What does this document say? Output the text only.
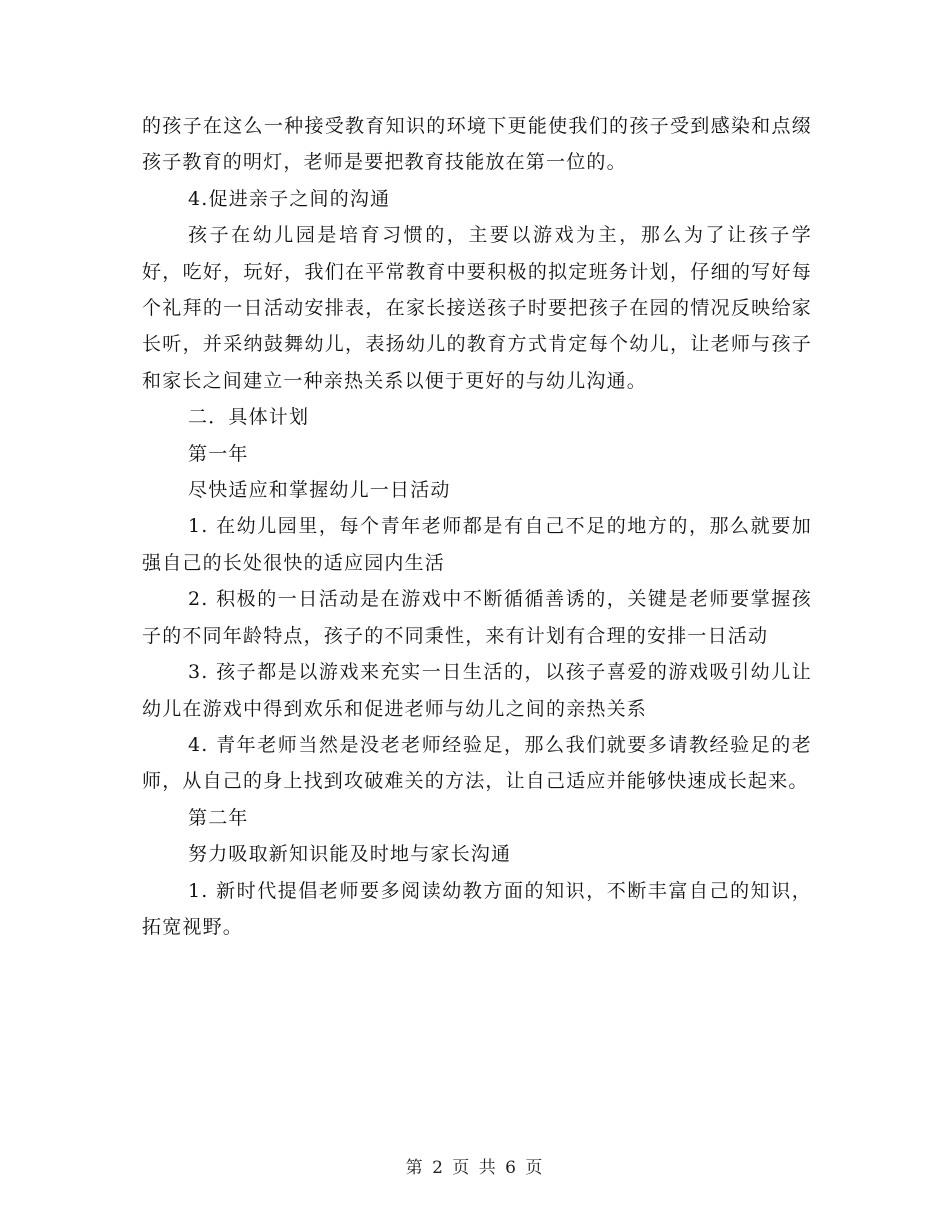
的孩子在这么一种接受教育知识的环境下更能使我们的孩子受到感染和点缀孩子教育的明灯，老师是要把教育技能放在第一位的。

4.促进亲子之间的沟通

孩子在幼儿园是培育习惯的，主要以游戏为主，那么为了让孩子学好，吃好，玩好，我们在平常教育中要积极的拟定班务计划，仔细的写好每个礼拜的一日活动安排表，在家长接送孩子时要把孩子在园的情况反映给家长听，并采纳鼓舞幼儿，表扬幼儿的教育方式肯定每个幼儿，让老师与孩子和家长之间建立一种亲热关系以便于更好的与幼儿沟通。

二．具体计划

第一年

尽快适应和掌握幼儿一日活动

1. 在幼儿园里，每个青年老师都是有自己不足的地方的，那么就要加强自己的长处很快的适应园内生活

2. 积极的一日活动是在游戏中不断循循善诱的，关键是老师要掌握孩子的不同年龄特点，孩子的不同秉性，来有计划有合理的安排一日活动

3. 孩子都是以游戏来充实一日生活的，以孩子喜爱的游戏吸引幼儿让幼儿在游戏中得到欢乐和促进老师与幼儿之间的亲热关系

4. 青年老师当然是没老老师经验足，那么我们就要多请教经验足的老师，从自己的身上找到攻破难关的方法，让自己适应并能够快速成长起来。

第二年

努力吸取新知识能及时地与家长沟通

1. 新时代提倡老师要多阅读幼教方面的知识，不断丰富自己的知识，拓宽视野。

第 2 页 共 6 页
